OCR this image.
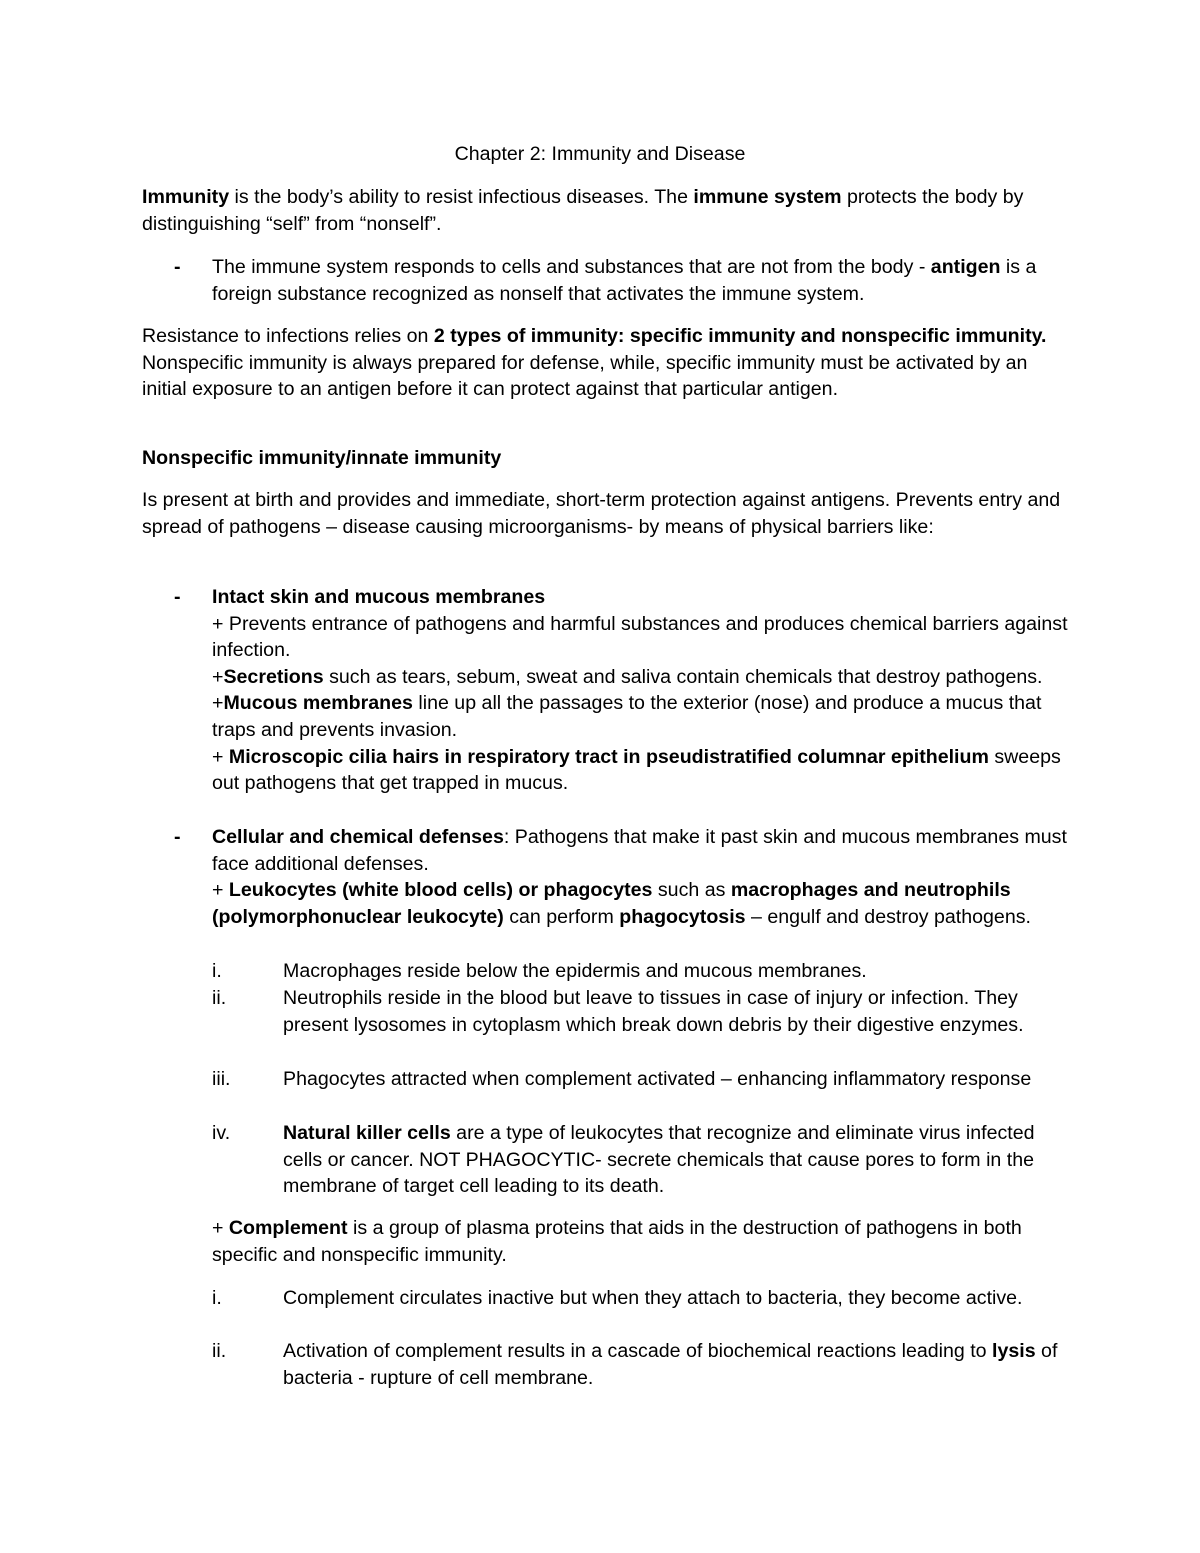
Chapter 2: Immunity and Disease
Immunity is the body’s ability to resist infectious diseases. The immune system protects the body by distinguishing “self” from “nonself”.
-	The immune system responds to cells and substances that are not from the body - antigen is a foreign substance recognized as nonself that activates the immune system.
Resistance to infections relies on 2 types of immunity: specific immunity and nonspecific immunity. Nonspecific immunity is always prepared for defense, while, specific immunity must be activated by an initial exposure to an antigen before it can protect against that particular antigen.
Nonspecific immunity/innate immunity
Is present at birth and provides and immediate, short-term protection against antigens. Prevents entry and spread of pathogens – disease causing microorganisms- by means of physical barriers like:
-	Intact skin and mucous membranes
+ Prevents entrance of pathogens and harmful substances and produces chemical barriers against infection.
+Secretions such as tears, sebum, sweat and saliva contain chemicals that destroy pathogens.
+Mucous membranes line up all the passages to the exterior (nose) and produce a mucus that traps and prevents invasion.
+ Microscopic cilia hairs in respiratory tract in pseudistratified columnar epithelium sweeps out pathogens that get trapped in mucus.
-	Cellular and chemical defenses: Pathogens that make it past skin and mucous membranes must face additional defenses.
+ Leukocytes (white blood cells) or phagocytes such as macrophages and neutrophils (polymorphonuclear leukocyte) can perform phagocytosis – engulf and destroy pathogens.
i.	Macrophages reside below the epidermis and mucous membranes.
ii.	Neutrophils reside in the blood but leave to tissues in case of injury or infection. They present lysosomes in cytoplasm which break down debris by their digestive enzymes.
iii.	Phagocytes attracted when complement activated – enhancing inflammatory response
iv.	Natural killer cells are a type of leukocytes that recognize and eliminate virus infected cells or cancer. NOT PHAGOCYTIC- secrete chemicals that cause pores to form in the membrane of target cell leading to its death.
+ Complement is a group of plasma proteins that aids in the destruction of pathogens in both specific and nonspecific immunity.
i.	Complement circulates inactive but when they attach to bacteria, they become active.
ii.	Activation of complement results in a cascade of biochemical reactions leading to lysis of bacteria - rupture of cell membrane.
